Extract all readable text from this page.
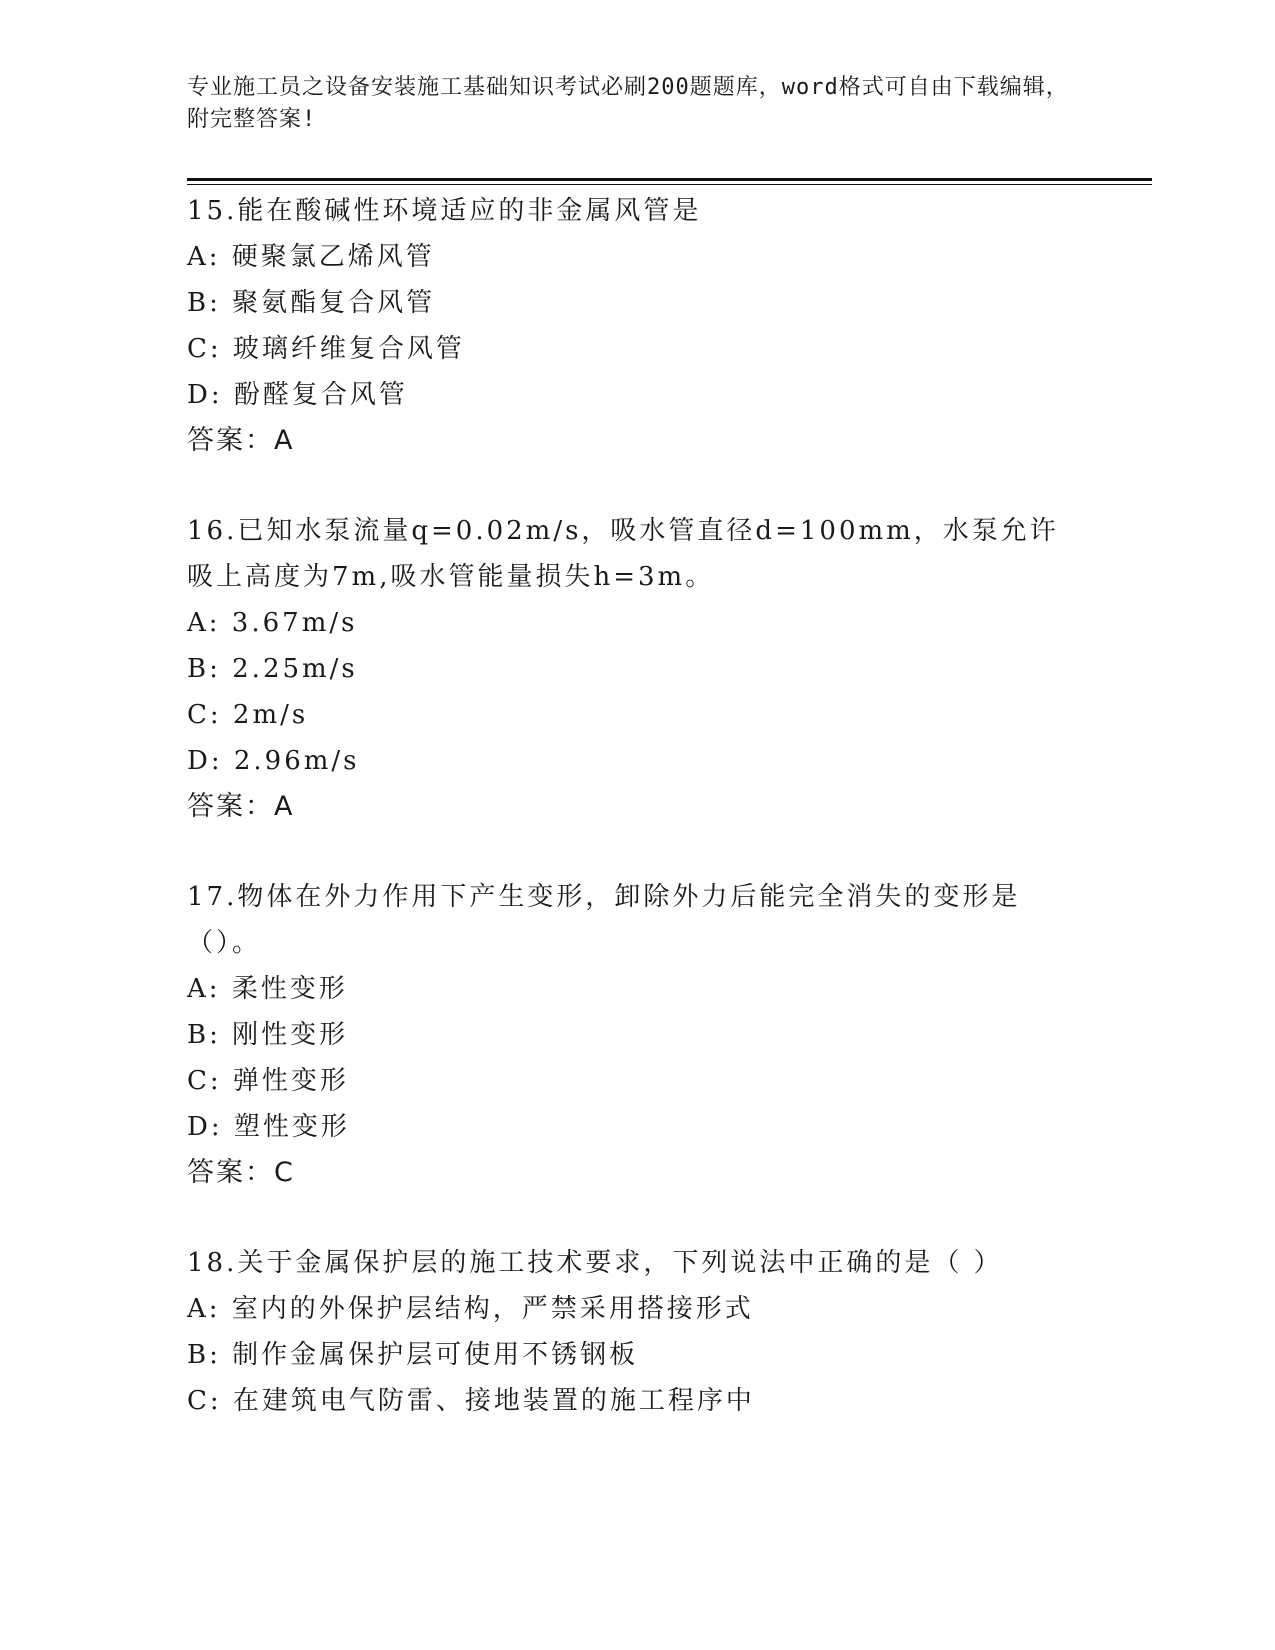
专业施工员之设备安装施工基础知识考试必刷200题题库，word格式可自由下载编辑，附完整答案!
15.能在酸碱性环境适应的非金属风管是
A: 硬聚氯乙烯风管
B: 聚氨酯复合风管
C: 玻璃纤维复合风管
D: 酚醛复合风管
答案：A
16.已知水泵流量q=0.02m/s，吸水管直径d=100mm，水泵允许吸上高度为7m,吸水管能量损失h=3m。
A: 3.67m/s
B: 2.25m/s
C: 2m/s
D: 2.96m/s
答案：A
17.物体在外力作用下产生变形，卸除外力后能完全消失的变形是（）。
A: 柔性变形
B: 刚性变形
C: 弹性变形
D: 塑性变形
答案：C
18.关于金属保护层的施工技术要求，下列说法中正确的是（ ）
A: 室内的外保护层结构，严禁采用搭接形式
B: 制作金属保护层可使用不锈钢板
C: 在建筑电气防雷、接地装置的施工程序中
